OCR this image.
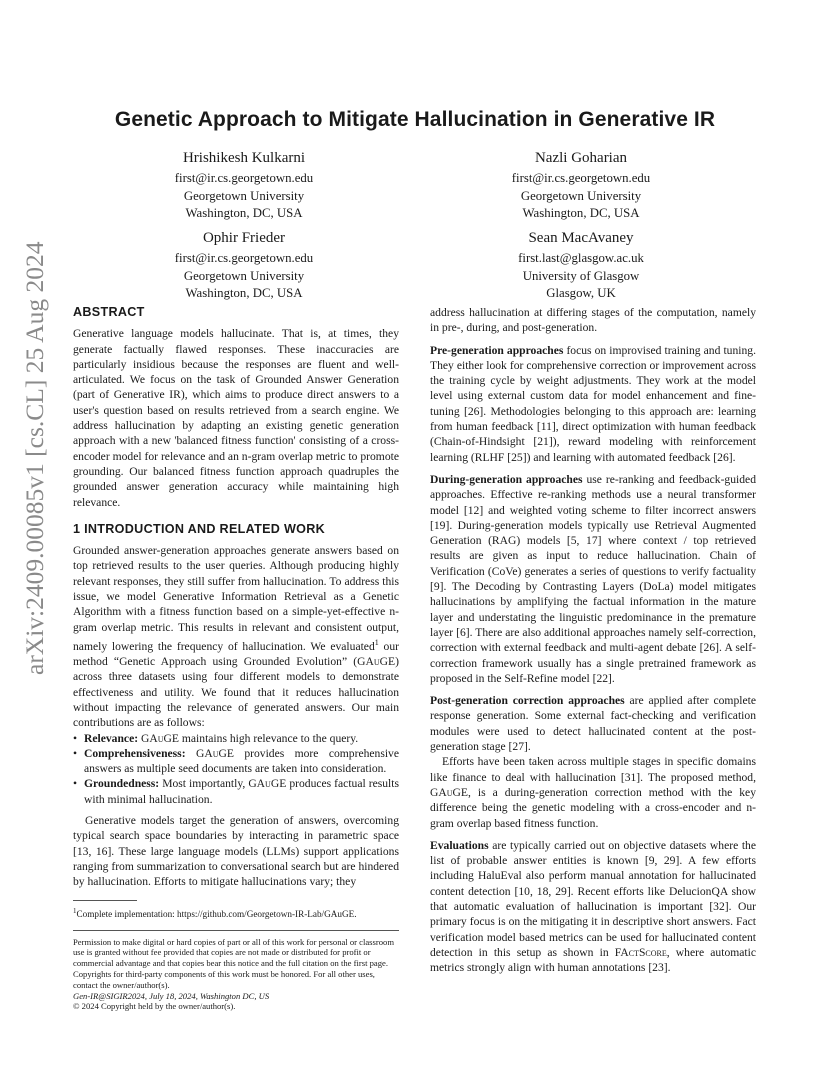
arXiv:2409.00085v1 [cs.CL] 25 Aug 2024
Genetic Approach to Mitigate Hallucination in Generative IR
Hrishikesh Kulkarni
first@ir.cs.georgetown.edu
Georgetown University
Washington, DC, USA
Nazli Goharian
first@ir.cs.georgetown.edu
Georgetown University
Washington, DC, USA
Ophir Frieder
first@ir.cs.georgetown.edu
Georgetown University
Washington, DC, USA
Sean MacAvaney
first.last@glasgow.ac.uk
University of Glasgow
Glasgow, UK
ABSTRACT

Generative language models hallucinate. That is, at times, they generate factually flawed responses. These inaccuracies are particularly insidious because the responses are fluent and well-articulated. We focus on the task of Grounded Answer Generation (part of Generative IR), which aims to produce direct answers to a user's question based on results retrieved from a search engine. We address hallucination by adapting an existing genetic generation approach with a new 'balanced fitness function' consisting of a cross-encoder model for relevance and an n-gram overlap metric to promote grounding. Our balanced fitness function approach quadruples the grounded answer generation accuracy while maintaining high relevance.

1 INTRODUCTION AND RELATED WORK

Grounded answer-generation approaches generate answers based on top retrieved results to the user queries. Although producing highly relevant responses, they still suffer from hallucination. To address this issue, we model Generative Information Retrieval as a Genetic Algorithm with a fitness function based on a simple-yet-effective n-gram overlap metric. This results in relevant and consistent output, namely lowering the frequency of hallucination. We evaluated$^1$ our method “Genetic Approach using Grounded Evolution” (GAuGE) across three datasets using four different models to demonstrate effectiveness and utility. We found that it reduces hallucination without impacting the relevance of generated answers. Our main contributions are as follows:

• Relevance: GAuGE maintains high relevance to the query.
• Comprehensiveness: GAuGE provides more comprehensive answers as multiple seed documents are taken into consideration.
• Groundedness: Most importantly, GAuGE produces factual results with minimal hallucination.

Generative models target the generation of answers, overcoming typical search space boundaries by interacting in parametric space [13, 16]. These large language models (LLMs) support applications ranging from summarization to conversational search but are hindered by hallucination. Efforts to mitigate hallucinations vary; they

$^1$Complete implementation: https://github.com/Georgetown-IR-Lab/GAuGE.
Permission to make digital or hard copies of part or all of this work for personal or classroom use is granted without fee provided that copies are not made or distributed for profit or commercial advantage and that copies bear this notice and the full citation on the first page. Copyrights for third-party components of this work must be honored. For all other uses, contact the owner/author(s).
Gen-IR@SIGIR2024, July 18, 2024, Washington DC, US
© 2024 Copyright held by the owner/author(s).

address hallucination at differing stages of the computation, namely in pre-, during, and post-generation.

Pre-generation approaches focus on improvised training and tuning. They either look for comprehensive correction or improvement across the training cycle by weight adjustments. They work at the model level using external custom data for model enhancement and fine-tuning [26]. Methodologies belonging to this approach are: learning from human feedback [11], direct optimization with human feedback (Chain-of-Hindsight [21]), reward modeling with reinforcement learning (RLHF [25]) and learning with automated feedback [26].

During-generation approaches use re-ranking and feedback-guided approaches. Effective re-ranking methods use a neural transformer model [12] and weighted voting scheme to filter incorrect answers [19]. During-generation models typically use Retrieval Augmented Generation (RAG) models [5, 17] where context / top retrieved results are given as input to reduce hallucination. Chain of Verification (CoVe) generates a series of questions to verify factuality [9]. The Decoding by Contrasting Layers (DoLa) model mitigates hallucinations by amplifying the factual information in the mature layer and understating the linguistic predominance in the premature layer [6]. There are also additional approaches namely self-correction, correction with external feedback and multi-agent debate [26]. A self-correction framework usually has a single pretrained framework as proposed in the Self-Refine model [22].

Post-generation correction approaches are applied after complete response generation. Some external fact-checking and verification modules were used to detect hallucinated content at the post-generation stage [27].

Efforts have been taken across multiple stages in specific domains like finance to deal with hallucination [31]. The proposed method, GAuGE, is a during-generation correction method with the key difference being the genetic modeling with a cross-encoder and n-gram overlap based fitness function.

Evaluations are typically carried out on objective datasets where the list of probable answer entities is known [9, 29]. A few efforts including HaluEval also perform manual annotation for hallucinated content detection [10, 18, 29]. Recent efforts like DelucionQA show that automatic evaluation of hallucination is important [32]. Our primary focus is on the mitigating it in descriptive short answers. Fact verification model based metrics can be used for hallucinated content detection in this setup as shown in FActScore, where automatic metrics strongly align with human annotations [23].
